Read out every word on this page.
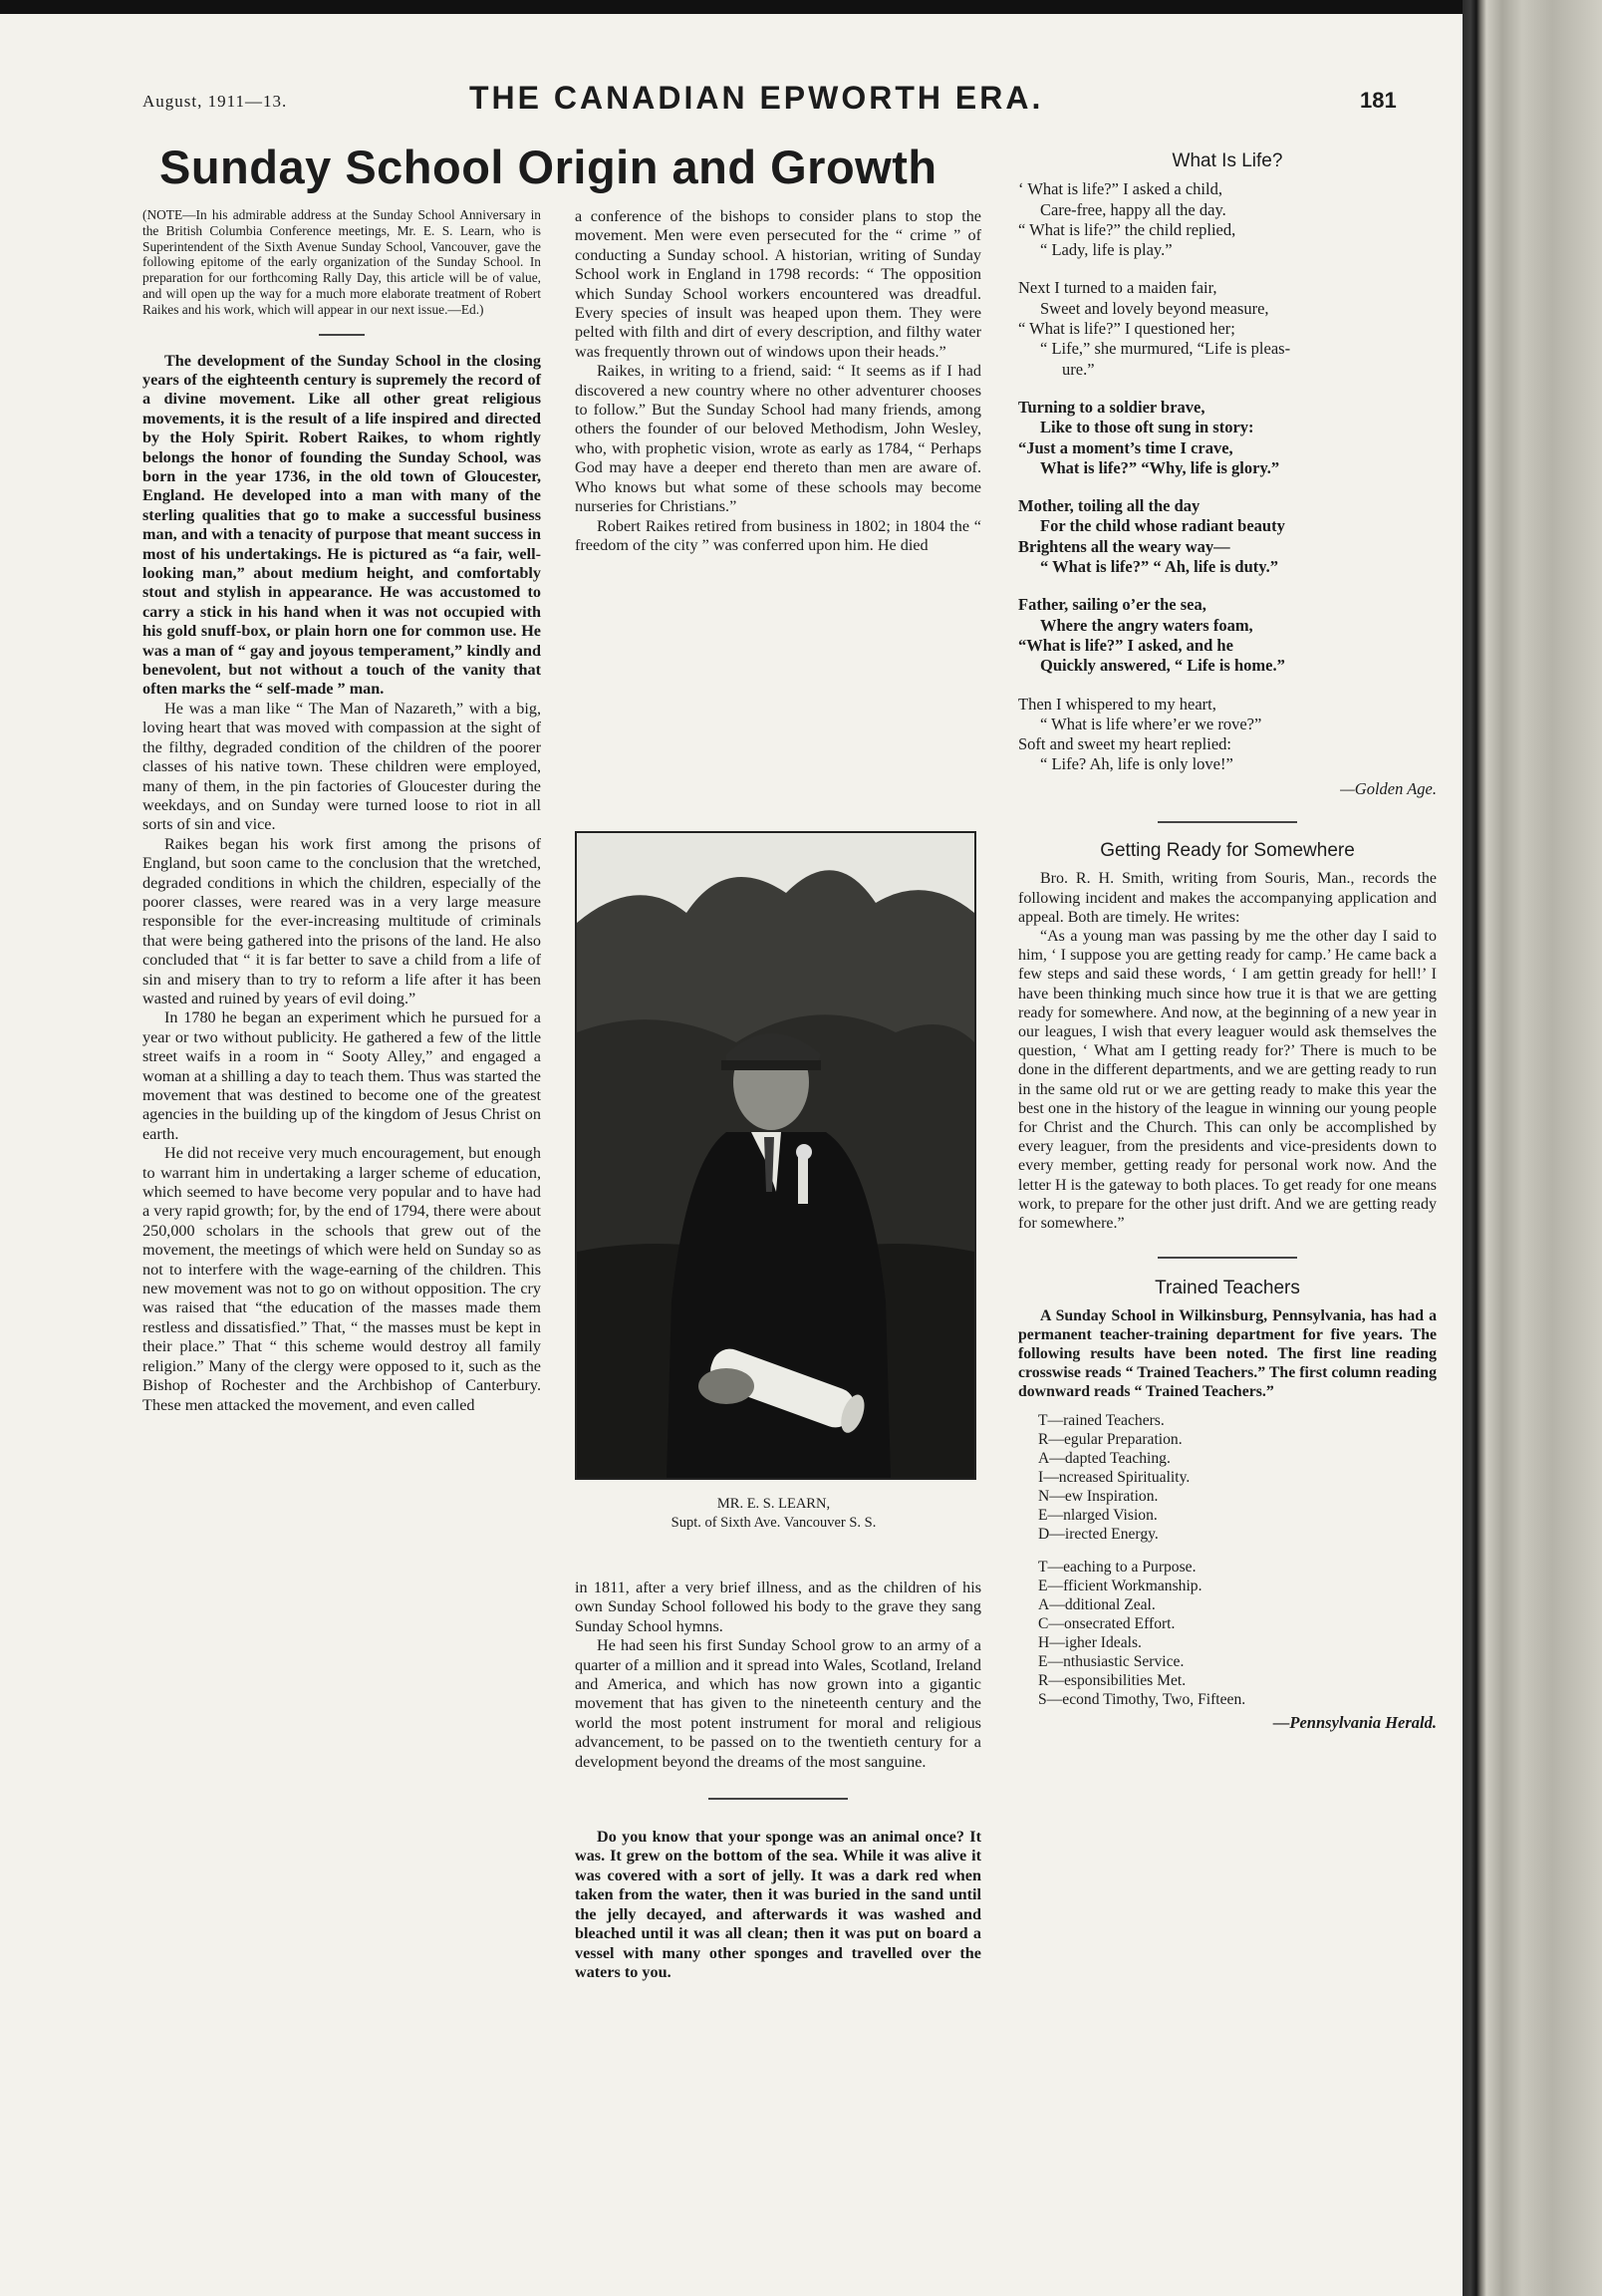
August, 1911—13.	THE CANADIAN EPWORTH ERA.	181
Sunday School Origin and Growth

(NOTE—In his admirable address at the Sunday School Anniversary in the British Columbia Conference meetings, Mr. E. S. Learn, who is Superintendent of the Sixth Avenue Sunday School, Vancouver, gave the following epitome of the early organization of the Sunday School. In preparation for our forthcoming Rally Day, this article will be of value, and will open up the way for a much more elaborate treatment of Robert Raikes and his work, which will appear in our next issue.—Ed.)

The development of the Sunday School in the closing years of the eighteenth century is supremely the record of a divine movement. Like all other great religious movements, it is the result of a life inspired and directed by the Holy Spirit. Robert Raikes, to whom rightly belongs the honor of founding the Sunday School, was born in the year 1736, in the old town of Gloucester, England. He developed into a man with many of the sterling qualities that go to make a successful business man, and with a tenacity of purpose that meant success in most of his undertakings. He is pictured as “a fair, well-looking man,” about medium height, and comfortably stout and stylish in appearance. He was accustomed to carry a stick in his hand when it was not occupied with his gold snuff-box, or plain horn one for common use. He was a man of “ gay and joyous temperament,” kindly and benevolent, but not without a touch of the vanity that often marks the “ self-made ” man.

He was a man like “ The Man of Nazareth,” with a big, loving heart that was moved with compassion at the sight of the filthy, degraded condition of the children of the poorer classes of his native town. These children were employed, many of them, in the pin factories of Gloucester during the weekdays, and on Sunday were turned loose to riot in all sorts of sin and vice.

Raikes began his work first among the prisons of England, but soon came to the conclusion that the wretched, degraded conditions in which the children, especially of the poorer classes, were reared was in a very large measure responsible for the ever-increasing multitude of criminals that were being gathered into the prisons of the land. He also concluded that “ it is far better to save a child from a life of sin and misery than to try to reform a life after it has been wasted and ruined by years of evil doing.”

In 1780 he began an experiment which he pursued for a year or two without publicity. He gathered a few of the little street waifs in a room in “ Sooty Alley,” and engaged a woman at a shilling a day to teach them. Thus was started the movement that was destined to become one of the greatest agencies in the building up of the kingdom of Jesus Christ on earth.

He did not receive very much encouragement, but enough to warrant him in undertaking a larger scheme of education, which seemed to have become very popular and to have had a very rapid growth; for, by the end of 1794, there were about 250,000 scholars in the schools that grew out of the movement, the meetings of which were held on Sunday so as not to interfere with the wage-earning of the children. This new movement was not to go on without opposition. The cry was raised that “the education of the masses made them restless and dissatisfied.” That, “ the masses must be kept in their place.” That “ this scheme would destroy all family religion.” Many of the clergy were opposed to it, such as the Bishop of Rochester and the Archbishop of Canterbury. These men attacked the movement, and even called

a conference of the bishops to consider plans to stop the movement. Men were even persecuted for the “ crime ” of conducting a Sunday school. A historian, writing of Sunday School work in England in 1798 records: “ The opposition which Sunday School workers encountered was dreadful. Every species of insult was heaped upon them. They were pelted with filth and dirt of every description, and filthy water was frequently thrown out of windows upon their heads.”

Raikes, in writing to a friend, said: “ It seems as if I had discovered a new country where no other adventurer chooses to follow.” But the Sunday School had many friends, among others the founder of our beloved Methodism, John Wesley, who, with prophetic vision, wrote as early as 1784, “ Perhaps God may have a deeper end thereto than men are aware of. Who knows but what some of these schools may become nurseries for Christians.”

Robert Raikes retired from business in 1802; in 1804 the “ freedom of the city ” was conferred upon him. He died

MR. E. S. LEARN,
Supt. of Sixth Ave. Vancouver S. S.

in 1811, after a very brief illness, and as the children of his own Sunday School followed his body to the grave they sang Sunday School hymns.

He had seen his first Sunday School grow to an army of a quarter of a million and it spread into Wales, Scotland, Ireland and America, and which has now grown into a gigantic movement that has given to the nineteenth century and the world the most potent instrument for moral and religious advancement, to be passed on to the twentieth century for a development beyond the dreams of the most sanguine.

Do you know that your sponge was an animal once? It was. It grew on the bottom of the sea. While it was alive it was covered with a sort of jelly. It was a dark red when taken from the water, then it was buried in the sand until the jelly decayed, and afterwards it was washed and bleached until it was all clean; then it was put on board a vessel with many other sponges and travelled over the waters to you.

What Is Life?
‘ What is life?” I asked a child,
Care-free, happy all the day.
“ What is life?” the child replied,
“ Lady, life is play.”
Next I turned to a maiden fair,
Sweet and lovely beyond measure,
“ What is life?” I questioned her;
“ Life,” she murmured, “Life is pleas-
ure.”
Turning to a soldier brave,
Like to those oft sung in story:
“Just a moment’s time I crave,
What is life?” “Why, life is glory.”
Mother, toiling all the day
For the child whose radiant beauty
Brightens all the weary way—
“ What is life?” “ Ah, life is duty.”
Father, sailing o’er the sea,
Where the angry waters foam,
“What is life?” I asked, and he
Quickly answered, “ Life is home.”
Then I whispered to my heart,
“ What is life where’er we rove?”
Soft and sweet my heart replied:
“ Life? Ah, life is only love!”
—Golden Age.
Getting Ready for Somewhere

Bro. R. H. Smith, writing from Souris, Man., records the following incident and makes the accompanying application and appeal. Both are timely. He writes:

“As a young man was passing by me the other day I said to him, ‘ I suppose you are getting ready for camp.’ He came back a few steps and said these words, ‘ I am gettin gready for hell!’ I have been thinking much since how true it is that we are getting ready for somewhere. And now, at the beginning of a new year in our leagues, I wish that every leaguer would ask themselves the question, ‘ What am I getting ready for?’ There is much to be done in the different departments, and we are getting ready to run in the same old rut or we are getting ready to make this year the best one in the history of the league in winning our young people for Christ and the Church. This can only be accomplished by every leaguer, from the presidents and vice-presidents down to every member, getting ready for personal work now. And the letter H is the gateway to both places. To get ready for one means work, to prepare for the other just drift. And we are getting ready for somewhere.”

Trained Teachers

A Sunday School in Wilkinsburg, Pennsylvania, has had a permanent teacher-training department for five years. The following results have been noted. The first line reading crosswise reads “ Trained Teachers.” The first column reading downward reads “ Trained Teachers.”

T—rained Teachers.
R—egular Preparation.
A—dapted Teaching.
I—ncreased Spirituality.
N—ew Inspiration.
E—nlarged Vision.
D—irected Energy.
T—eaching to a Purpose.
E—fficient Workmanship.
A—dditional Zeal.
C—onsecrated Effort.
H—igher Ideals.
E—nthusiastic Service.
R—esponsibilities Met.
S—econd Timothy, Two, Fifteen.
—Pennsylvania Herald.
